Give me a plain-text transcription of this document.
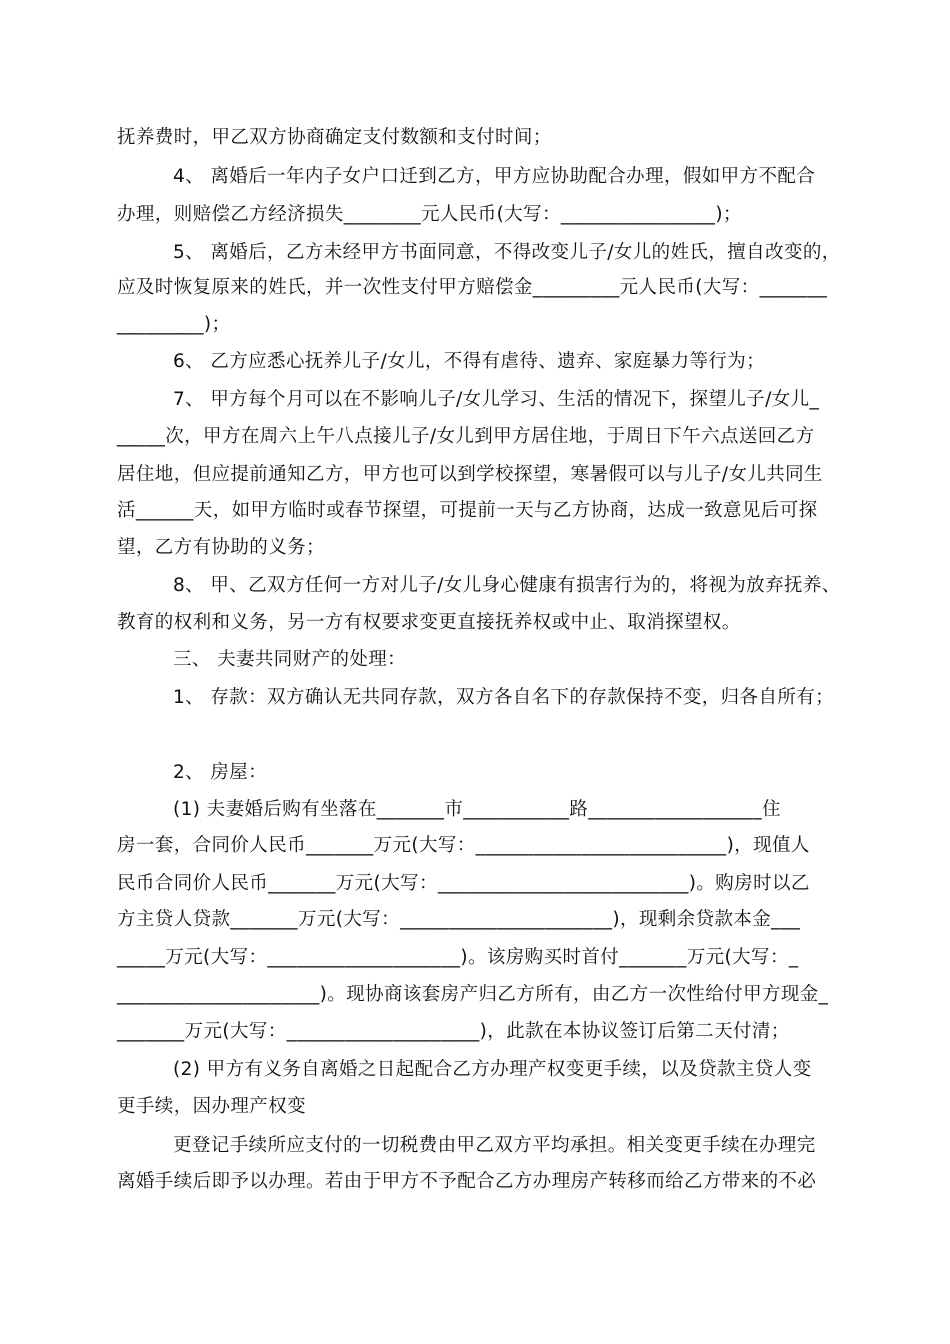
抚养费时，甲乙双方协商确定支付数额和支付时间；
4、 离婚后一年内子女户口迁到乙方，甲方应协助配合办理，假如甲方不配合
办理，则赔偿乙方经济损失________元人民币(大写：________________)；
5、 离婚后，乙方未经甲方书面同意，不得改变儿子/女儿的姓氏，擅自改变的，
应及时恢复原来的姓氏，并一次性支付甲方赔偿金_________元人民币(大写：_______
_________)；
6、 乙方应悉心抚养儿子/女儿，不得有虐待、遗弃、家庭暴力等行为；
7、 甲方每个月可以在不影响儿子/女儿学习、生活的情况下，探望儿子/女儿_
_____次，甲方在周六上午八点接儿子/女儿到甲方居住地，于周日下午六点送回乙方
居住地，但应提前通知乙方，甲方也可以到学校探望，寒暑假可以与儿子/女儿共同生
活______天，如甲方临时或春节探望，可提前一天与乙方协商，达成一致意见后可探
望，乙方有协助的义务；
8、 甲、乙双方任何一方对儿子/女儿身心健康有损害行为的，将视为放弃抚养、
教育的权利和义务，另一方有权要求变更直接抚养权或中止、取消探望权。
三、 夫妻共同财产的处理：
1、 存款：双方确认无共同存款，双方各自名下的存款保持不变，归各自所有；
2、 房屋：
(1) 夫妻婚后购有坐落在_______市___________路__________________住
房一套，合同价人民币_______万元(大写：__________________________)，现值人
民币合同价人民币_______万元(大写：__________________________)。购房时以乙
方主贷人贷款_______万元(大写：______________________)，现剩余贷款本金___
_____万元(大写：____________________)。该房购买时首付_______万元(大写：_
_____________________)。现协商该套房产归乙方所有，由乙方一次性给付甲方现金_
_______万元(大写：____________________)，此款在本协议签订后第二天付清；
(2) 甲方有义务自离婚之日起配合乙方办理产权变更手续，以及贷款主贷人变
更手续，因办理产权变
更登记手续所应支付的一切税费由甲乙双方平均承担。相关变更手续在办理完
离婚手续后即予以办理。若由于甲方不予配合乙方办理房产转移而给乙方带来的不必
